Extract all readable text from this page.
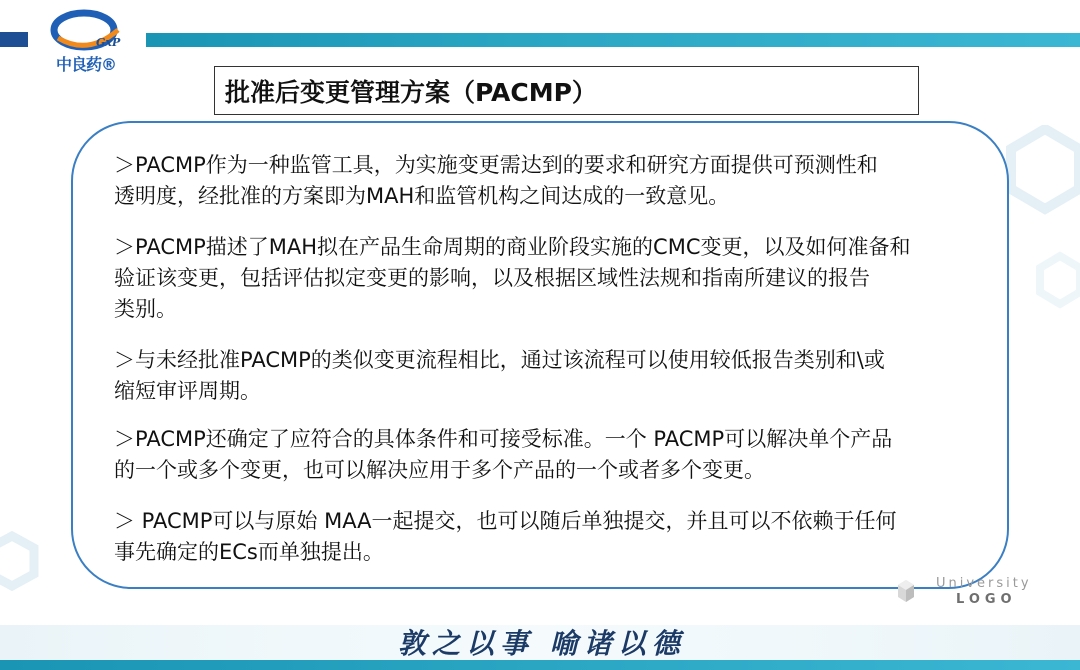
GxP
中良药®
批准后变更管理方案（PACMP）
＞PACMP作为一种监管工具，为实施变更需达到的要求和研究方面提供可预测性和
透明度，经批准的方案即为MAH和监管机构之间达成的一致意见。
＞PACMP描述了MAH拟在产品生命周期的商业阶段实施的CMC变更，以及如何准备和
验证该变更，包括评估拟定变更的影响，以及根据区域性法规和指南所建议的报告
类别。
＞与未经批准PACMP的类似变更流程相比，通过该流程可以使用较低报告类别和\或
缩短审评周期。
＞PACMP还确定了应符合的具体条件和可接受标准。一个 PACMP可以解决单个产品
的一个或多个变更，也可以解决应用于多个产品的一个或者多个变更。
＞ PACMP可以与原始 MAA一起提交，也可以随后单独提交，并且可以不依赖于任何
事先确定的ECs而单独提出。
University
LOGO
敦之以事 喻诸以德
